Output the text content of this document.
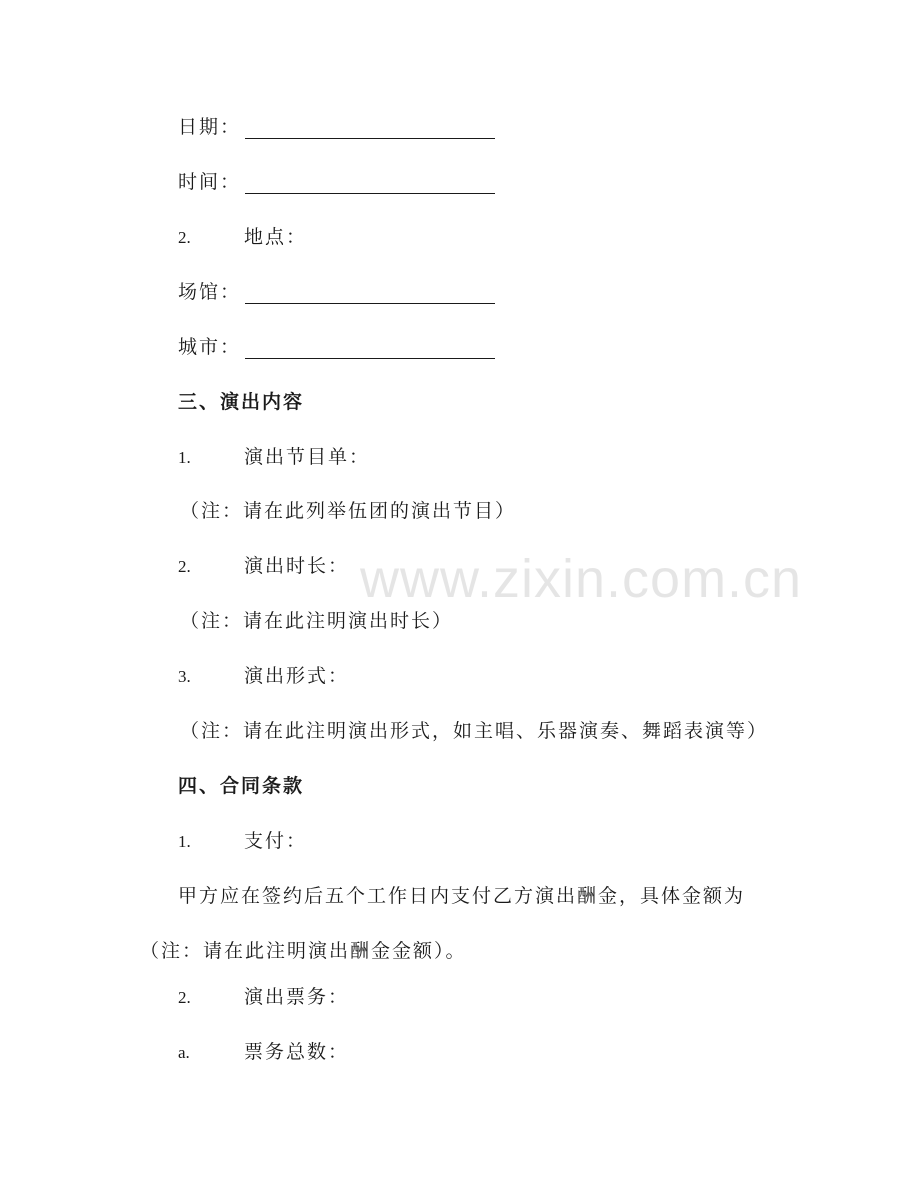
www.zixin.com.cn
日期：
时间：
2.	地点：
场馆：
城市：
三、演出内容
1.	演出节目单：
（注：请在此列举伍团的演出节目）
2.	演出时长：
（注：请在此注明演出时长）
3.	演出形式：
（注：请在此注明演出形式，如主唱、乐器演奏、舞蹈表演等）
四、合同条款
1.	支付：
甲方应在签约后五个工作日内支付乙方演出酬金，具体金额为（注：请在此注明演出酬金金额）。
2.	演出票务：
a.	票务总数：
